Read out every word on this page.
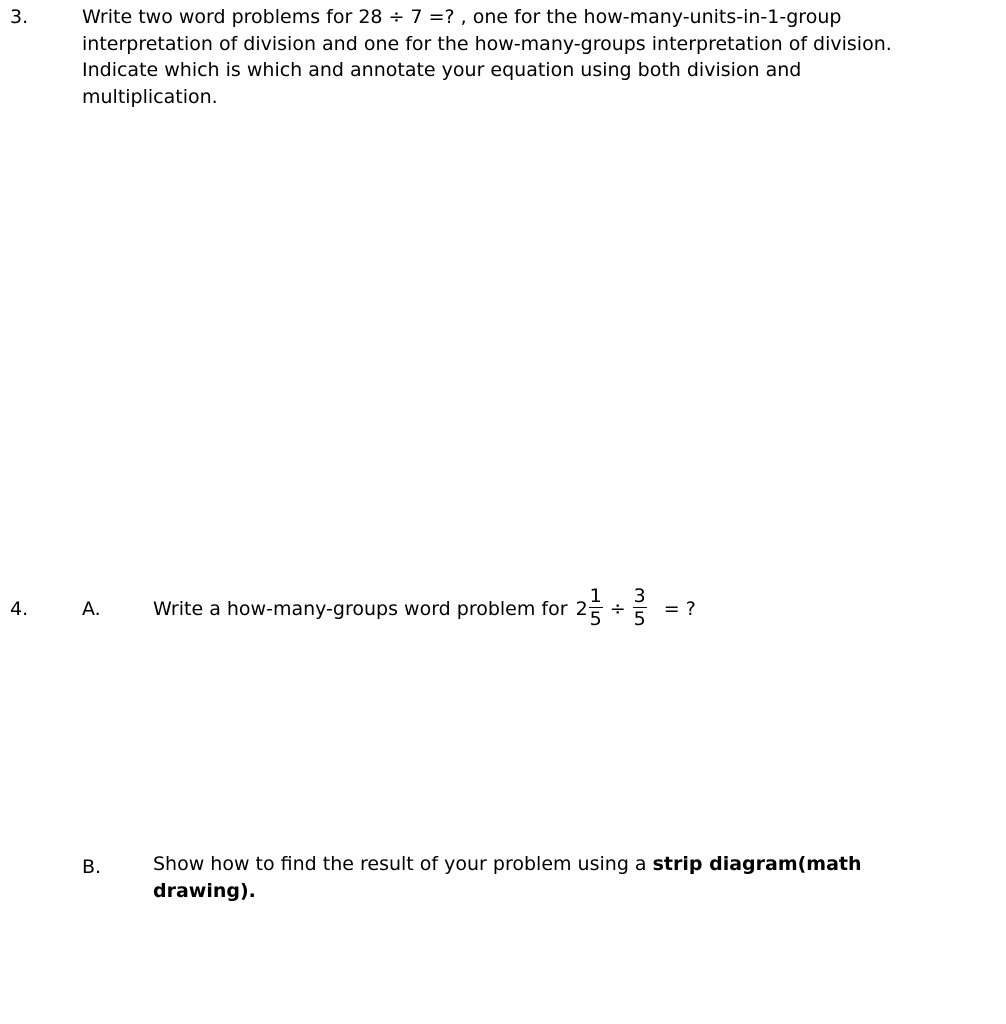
3.	Write two word problems for 28 ÷ 7 =? , one for the how-many-units-in-1-group
interpretation of division and one for the how-many-groups interpretation of division.
Indicate which is which and annotate your equation using both division and
multiplication.
4.	A.	Write a how-many-groups word problem for $2 \frac{1}{5} \div \frac{3}{5}$ = ?
B.	Show how to find the result of your problem using a strip diagram(math
drawing).
